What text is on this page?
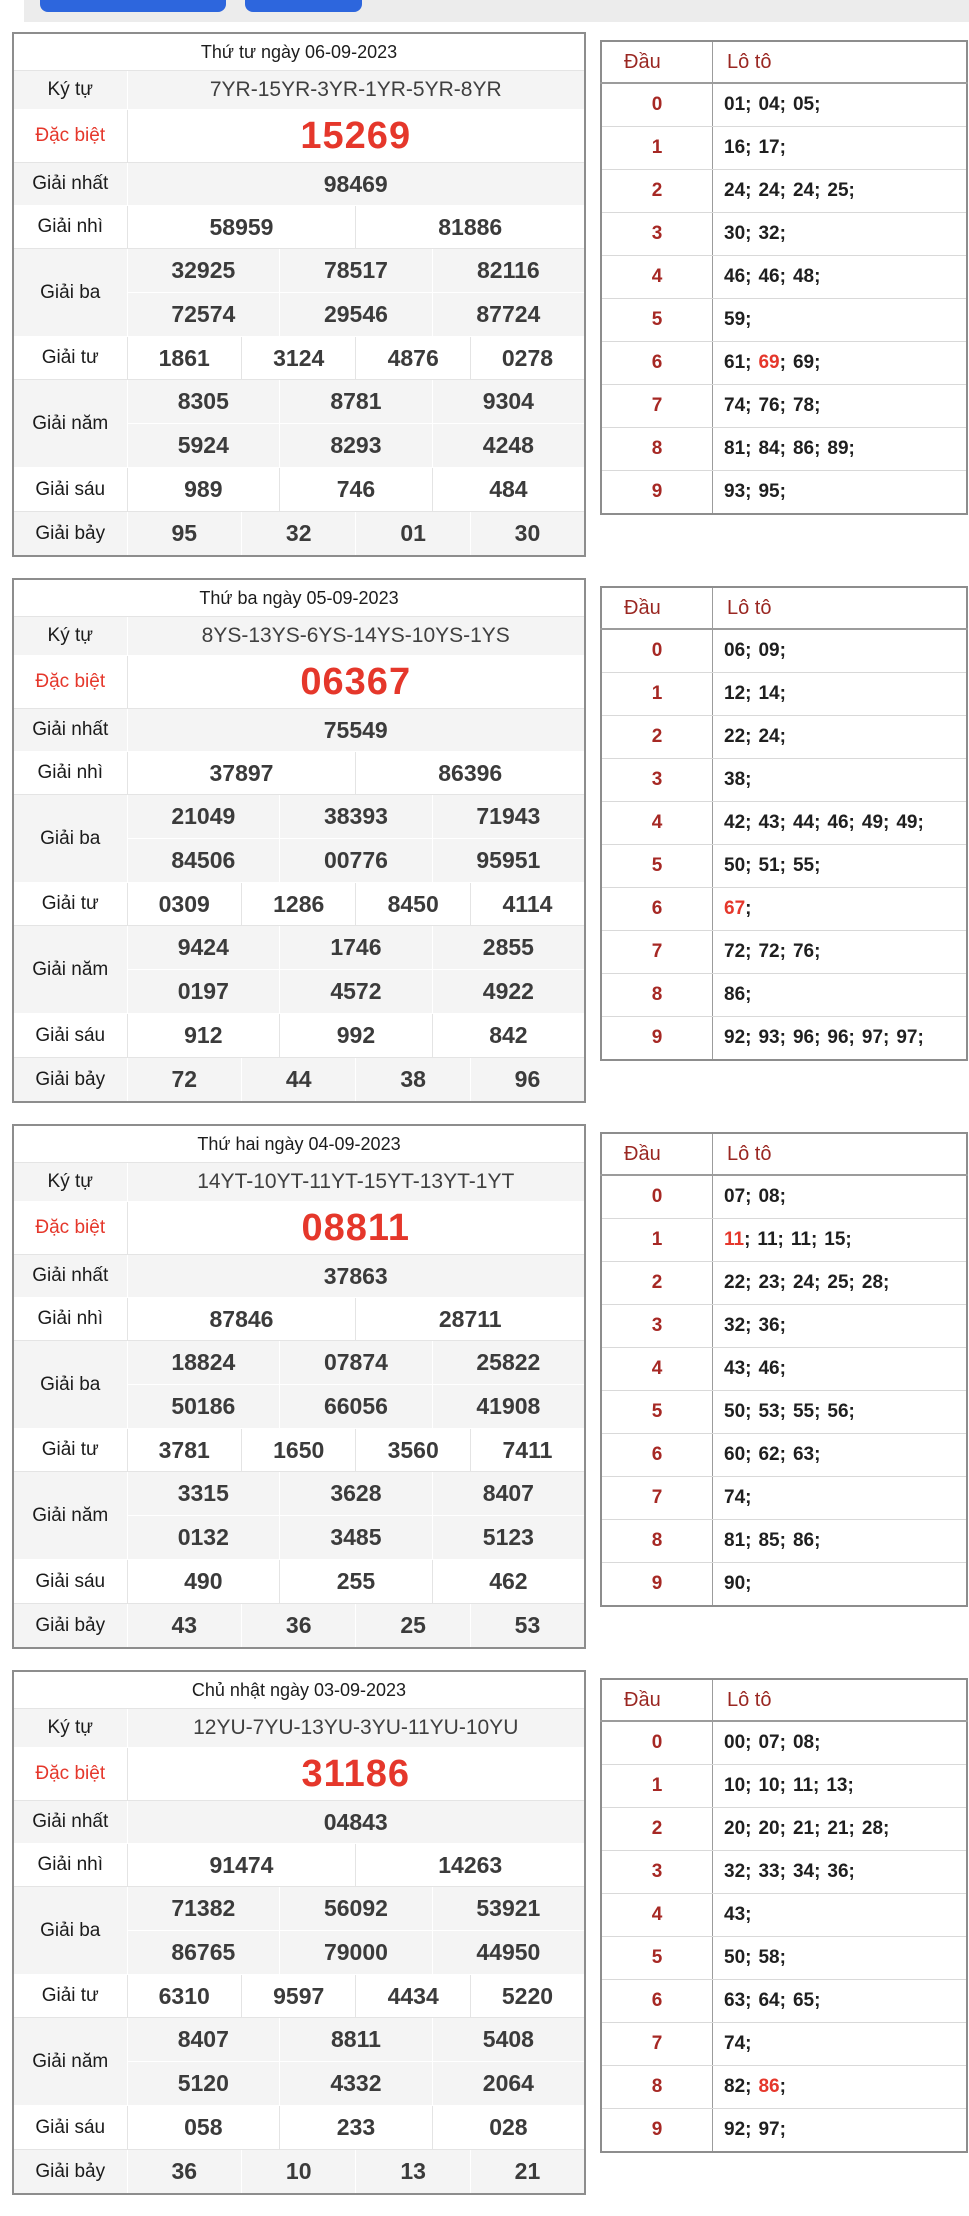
Thứ tư ngày 06-09-2023						
Ký tự	7YR-15YR-3YR-1YR-5YR-8YR					
Đặc biệt	15269					
Giải nhất	98469					
Giải nhì	58959			81886		
Giải ba	32925		78517		82116	
	72574		29546		87724	
Giải tư	1861	3124		4876		0278
Giải năm	8305		8781		9304	
	5924		8293		4248	
Giải sáu	989		746		484	
Giải bảy	95	32		01		30
Đầu	Lô tô
0	01; 04; 05;
1	16; 17;
2	24; 24; 24; 25;
3	30; 32;
4	46; 46; 48;
5	59;
6	61; 69; 69;
7	74; 76; 78;
8	81; 84; 86; 89;
9	93; 95;
Thứ ba ngày 05-09-2023						
Ký tự	8YS-13YS-6YS-14YS-10YS-1YS					
Đặc biệt	06367					
Giải nhất	75549					
Giải nhì	37897			86396		
Giải ba	21049		38393		71943	
	84506		00776		95951	
Giải tư	0309	1286		8450		4114
Giải năm	9424		1746		2855	
	0197		4572		4922	
Giải sáu	912		992		842	
Giải bảy	72	44		38		96
Đầu	Lô tô
0	06; 09;
1	12; 14;
2	22; 24;
3	38;
4	42; 43; 44; 46; 49; 49;
5	50; 51; 55;
6	67;
7	72; 72; 76;
8	86;
9	92; 93; 96; 96; 97; 97;
Thứ hai ngày 04-09-2023						
Ký tự	14YT-10YT-11YT-15YT-13YT-1YT					
Đặc biệt	08811					
Giải nhất	37863					
Giải nhì	87846			28711		
Giải ba	18824		07874		25822	
	50186		66056		41908	
Giải tư	3781	1650		3560		7411
Giải năm	3315		3628		8407	
	0132		3485		5123	
Giải sáu	490		255		462	
Giải bảy	43	36		25		53
Đầu	Lô tô
0	07; 08;
1	11; 11; 11; 15;
2	22; 23; 24; 25; 28;
3	32; 36;
4	43; 46;
5	50; 53; 55; 56;
6	60; 62; 63;
7	74;
8	81; 85; 86;
9	90;
Chủ nhật ngày 03-09-2023						
Ký tự	12YU-7YU-13YU-3YU-11YU-10YU					
Đặc biệt	31186					
Giải nhất	04843					
Giải nhì	91474			14263		
Giải ba	71382		56092		53921	
	86765		79000		44950	
Giải tư	6310	9597		4434		5220
Giải năm	8407		8811		5408	
	5120		4332		2064	
Giải sáu	058		233		028	
Giải bảy	36	10		13		21
Đầu	Lô tô
0	00; 07; 08;
1	10; 10; 11; 13;
2	20; 20; 21; 21; 28;
3	32; 33; 34; 36;
4	43;
5	50; 58;
6	63; 64; 65;
7	74;
8	82; 86;
9	92; 97;
